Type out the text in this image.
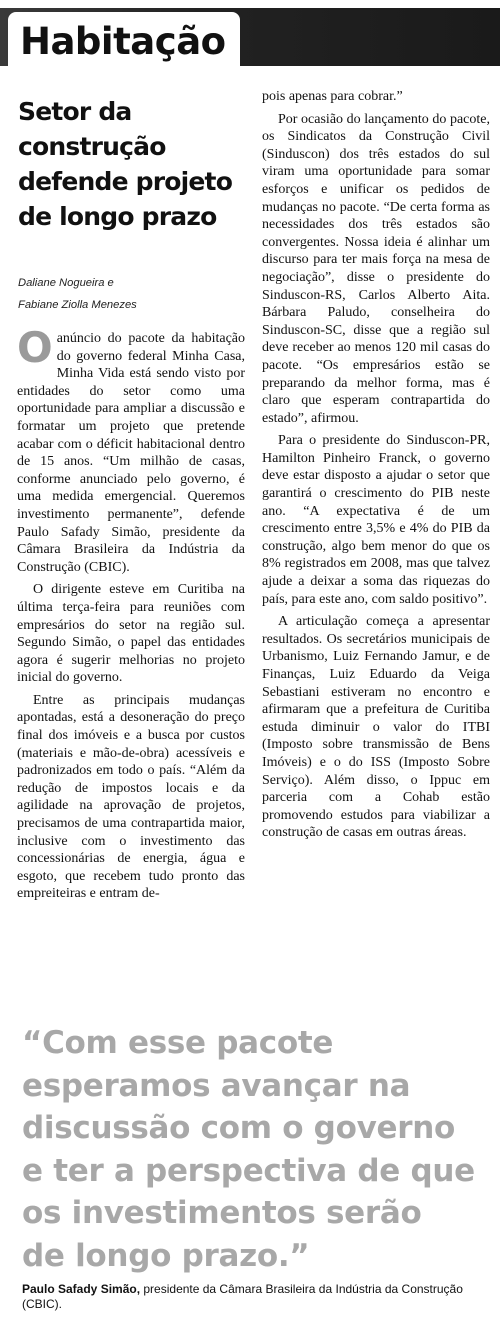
Habitação
Setor da construção defende projeto de longo prazo
Daliane Nogueira e
Fabiane Ziolla Menezes

O anúncio do pacote da habitação do governo federal Minha Casa, Minha Vida está sendo visto por entidades do setor como uma oportunidade para ampliar a discussão e formatar um projeto que pretende acabar com o déficit habitacional dentro de 15 anos. “Um milhão de casas, conforme anunciado pelo governo, é uma medida emergencial. Queremos investimento permanente”, defende Paulo Safady Simão, presidente da Câmara Brasileira da Indústria da Construção (CBIC).

O dirigente esteve em Curitiba na última terça-feira para reuniões com empresários do setor na região sul. Segundo Simão, o papel das entidades agora é sugerir melhorias no projeto inicial do governo.

Entre as principais mudanças apontadas, está a desoneração do preço final dos imóveis e a busca por custos (materiais e mão-de-obra) acessíveis e padronizados em todo o país. “Além da redução de impostos locais e da agilidade na aprovação de projetos, precisamos de uma contrapartida maior, inclusive com o investimento das concessionárias de energia, água e esgoto, que recebem tudo pronto das empreiteiras e entram de-

pois apenas para cobrar.”

Por ocasião do lançamento do pacote, os Sindicatos da Construção Civil (Sinduscon) dos três estados do sul viram uma oportunidade para somar esforços e unificar os pedidos de mudanças no pacote. “De certa forma as necessidades dos três estados são convergentes. Nossa ideia é alinhar um discurso para ter mais força na mesa de negociação”, disse o presidente do Sinduscon-RS, Carlos Alberto Aita. Bárbara Paludo, conselheira do Sinduscon-SC, disse que a região sul deve receber ao menos 120 mil casas do pacote. “Os empresários estão se preparando da melhor forma, mas é claro que esperam contrapartida do estado”, afirmou.

Para o presidente do Sinduscon-PR, Hamilton Pinheiro Franck, o governo deve estar disposto a ajudar o setor que garantirá o crescimento do PIB neste ano. “A expectativa é de um crescimento entre 3,5% e 4% do PIB da construção, algo bem menor do que os 8% registrados em 2008, mas que talvez ajude a deixar a soma das riquezas do país, para este ano, com saldo positivo”.

A articulação começa a apresentar resultados. Os secretários municipais de Urbanismo, Luiz Fernando Jamur, e de Finanças, Luiz Eduardo da Veiga Sebastiani estiveram no encontro e afirmaram que a prefeitura de Curitiba estuda diminuir o valor do ITBI (Imposto sobre transmissão de Bens Imóveis) e o do ISS (Imposto Sobre Serviço). Além disso, o Ippuc em parceria com a Cohab estão promovendo estudos para viabilizar a construção de casas em outras áreas.

“Com esse pacote
esperamos avançar na
discussão com o governo
e ter a perspectiva de que
os investimentos serão
de longo prazo.”
Paulo Safady Simão, presidente da Câmara Brasileira da Indústria da Construção (CBIC).
